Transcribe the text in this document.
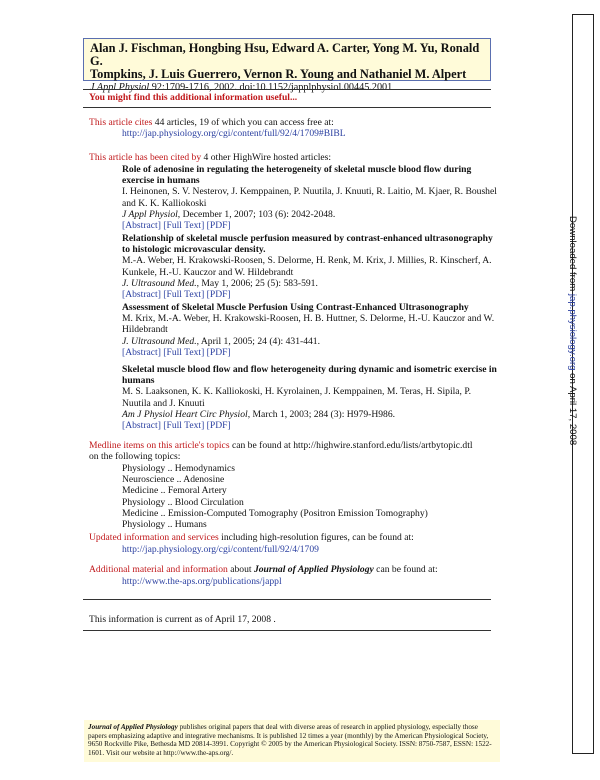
Alan J. Fischman, Hongbing Hsu, Edward A. Carter, Yong M. Yu, Ronald G.
Tompkins, J. Luis Guerrero, Vernon R. Young and Nathaniel M. Alpert
J Appl Physiol 92:1709-1716, 2002. doi:10.1152/japplphysiol.00445.2001
You might find this additional information useful...
This article cites 44 articles, 19 of which you can access free at:
http://jap.physiology.org/cgi/content/full/92/4/1709#BIBL
This article has been cited by 4 other HighWire hosted articles:
Role of adenosine in regulating the heterogeneity of skeletal muscle blood flow during exercise in humans
I. Heinonen, S. V. Nesterov, J. Kemppainen, P. Nuutila, J. Knuuti, R. Laitio, M. Kjaer, R. Boushel and K. K. Kalliokoski
J Appl Physiol, December 1, 2007; 103 (6): 2042-2048.
[Abstract] [Full Text] [PDF]
Relationship of skeletal muscle perfusion measured by contrast-enhanced ultrasonography to histologic microvascular density.
M.-A. Weber, H. Krakowski-Roosen, S. Delorme, H. Renk, M. Krix, J. Millies, R. Kinscherf, A. Kunkele, H.-U. Kauczor and W. Hildebrandt
J. Ultrasound Med., May 1, 2006; 25 (5): 583-591.
[Abstract] [Full Text] [PDF]
Assessment of Skeletal Muscle Perfusion Using Contrast-Enhanced Ultrasonography
M. Krix, M.-A. Weber, H. Krakowski-Roosen, H. B. Huttner, S. Delorme, H.-U. Kauczor and W. Hildebrandt
J. Ultrasound Med., April 1, 2005; 24 (4): 431-441.
[Abstract] [Full Text] [PDF]
Skeletal muscle blood flow and flow heterogeneity during dynamic and isometric exercise in humans
M. S. Laaksonen, K. K. Kalliokoski, H. Kyrolainen, J. Kemppainen, M. Teras, H. Sipila, P. Nuutila and J. Knuuti
Am J Physiol Heart Circ Physiol, March 1, 2003; 284 (3): H979-H986.
[Abstract] [Full Text] [PDF]
Medline items on this article's topics can be found at http://highwire.stanford.edu/lists/artbytopic.dtl
on the following topics:
Physiology .. Hemodynamics
Neuroscience .. Adenosine
Medicine .. Femoral Artery
Physiology .. Blood Circulation
Medicine .. Emission-Computed Tomography (Positron Emission Tomography)
Physiology .. Humans
Updated information and services including high-resolution figures, can be found at:
http://jap.physiology.org/cgi/content/full/92/4/1709
Additional material and information about Journal of Applied Physiology can be found at:
http://www.the-aps.org/publications/jappl
This information is current as of April 17, 2008 .
Journal of Applied Physiology publishes original papers that deal with diverse areas of research in applied physiology, especially those papers emphasizing adaptive and integrative mechanisms. It is published 12 times a year (monthly) by the American Physiological Society, 9650 Rockville Pike, Bethesda MD 20814-3991. Copyright © 2005 by the American Physiological Society. ISSN: 8750-7587, ESSN: 1522-1601. Visit our website at http://www.the-aps.org/.
Downloaded from jap.physiology.org on April 17, 2008
